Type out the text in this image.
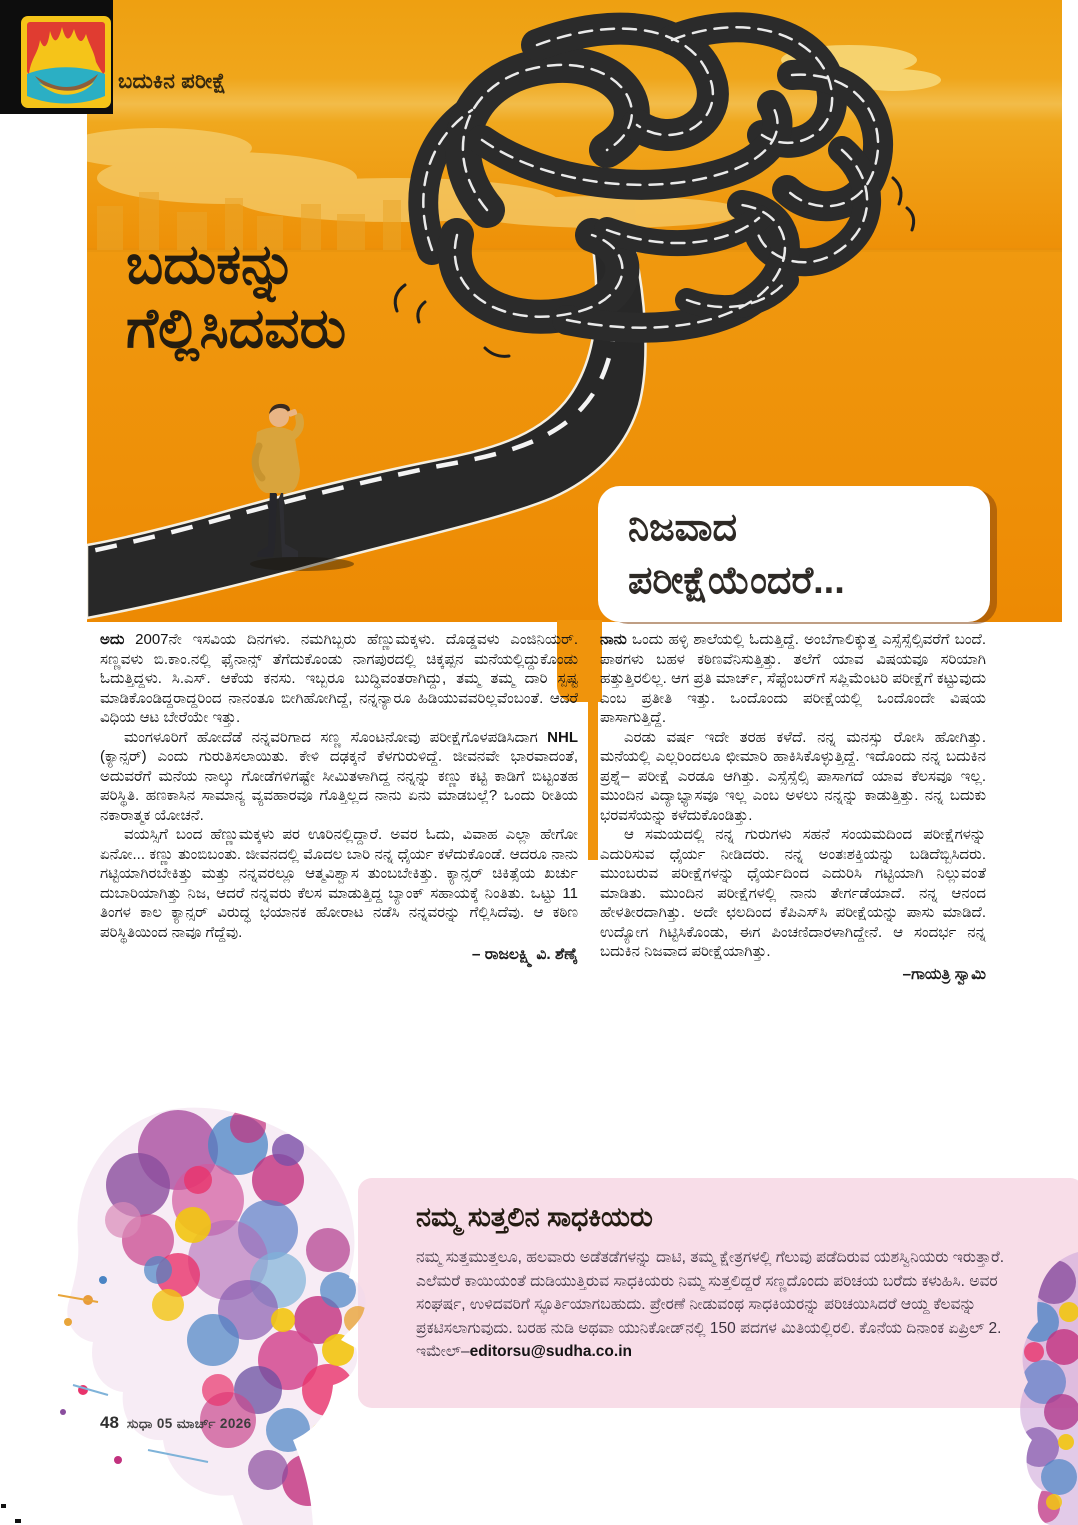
ಬದುಕಿನ ಪರೀಕ್ಷೆ
ಬದುಕನ್ನು
ಗೆಲ್ಲಿಸಿದವರು
ನಿಜವಾದ
ಪರೀಕ್ಷೆಯೆಂದರೆ...

ಅದು 2007ನೇ ಇಸವಿಯ ದಿನಗಳು. ನಮಗಿಬ್ಬರು ಹೆಣ್ಣುಮಕ್ಕಳು. ದೊಡ್ಡವಳು ಎಂಜಿನಿಯರ್. ಸಣ್ಣವಳು ಬಿ.ಕಾಂ.ನಲ್ಲಿ ಫೈನಾನ್ಸ್ ತೆಗೆದುಕೊಂಡು ನಾಗಪುರದಲ್ಲಿ ಚಿಕ್ಕಪ್ಪನ ಮನೆಯಲ್ಲಿದ್ದುಕೊಂಡು ಓದುತ್ತಿದ್ದಳು. ಸಿ.ಎಸ್. ಆಕೆಯ ಕನಸು. ಇಬ್ಬರೂ ಬುದ್ಧಿವಂತರಾಗಿದ್ದು, ತಮ್ಮ ತಮ್ಮ ದಾರಿ ಸ್ಪಷ್ಟ ಮಾಡಿಕೊಂಡಿದ್ದರಾದ್ದರಿಂದ ನಾನಂತೂ ಬೀಗಿಹೋಗಿದ್ದೆ, ನನ್ನನ್ಯಾರೂ ಹಿಡಿಯುವವರಿಲ್ಲವೆಂಬಂತೆ. ಆದರೆ ವಿಧಿಯ ಆಟ ಬೇರೆಯೇ ಇತ್ತು.

ಮಂಗಳೂರಿಗೆ ಹೋದೆಡೆ ನನ್ನವರಿಗಾದ ಸಣ್ಣ ಸೊಂಟನೋವು ಪರೀಕ್ಷೆಗೊಳಪಡಿಸಿದಾಗ NHL (ಕ್ಯಾನ್ಸರ್) ಎಂದು ಗುರುತಿಸಲಾಯಿತು. ಕೇಳಿ ದಢಕ್ಕನೆ ಕೆಳಗುರುಳಿದ್ದೆ. ಜೀವನವೇ ಭಾರವಾದಂತೆ, ಅದುವರೆಗೆ ಮನೆಯ ನಾಲ್ಕು ಗೋಡೆಗಳಿಗಷ್ಟೇ ಸೀಮಿತಳಾಗಿದ್ದ ನನ್ನನ್ನು ಕಣ್ಣು ಕಟ್ಟಿ ಕಾಡಿಗೆ ಬಿಟ್ಟಂತಹ ಪರಿಸ್ಥಿತಿ. ಹಣಕಾಸಿನ ಸಾಮಾನ್ಯ ವ್ಯವಹಾರವೂ ಗೊತ್ತಿಲ್ಲದ ನಾನು ಏನು ಮಾಡಬಲ್ಲೆ? ಒಂದು ರೀತಿಯ ನಕಾರಾತ್ಮಕ ಯೋಚನೆ.

ವಯಸ್ಸಿಗೆ ಬಂದ ಹೆಣ್ಣುಮಕ್ಕಳು ಪರ ಊರಿನಲ್ಲಿದ್ದಾರೆ. ಅವರ ಓದು, ವಿವಾಹ ಎಲ್ಲಾ ಹೇಗೋ ಏನೋ... ಕಣ್ಣು ತುಂಬಿಬಂತು. ಜೀವನದಲ್ಲಿ ಮೊದಲ ಬಾರಿ ನನ್ನ ಧೈರ್ಯ ಕಳೆದುಕೊಂಡೆ. ಆದರೂ ನಾನು ಗಟ್ಟಿಯಾಗಿರಬೇಕಿತ್ತು ಮತ್ತು ನನ್ನವರಲ್ಲೂ ಆತ್ಮವಿಶ್ವಾಸ ತುಂಬಬೇಕಿತ್ತು. ಕ್ಯಾನ್ಸರ್ ಚಿಕಿತ್ಸೆಯ ಖರ್ಚು ದುಬಾರಿಯಾಗಿತ್ತು ನಿಜ, ಆದರೆ ನನ್ನವರು ಕೆಲಸ ಮಾಡುತ್ತಿದ್ದ ಬ್ಯಾಂಕ್ ಸಹಾಯಕ್ಕೆ ನಿಂತಿತು. ಒಟ್ಟು 11 ತಿಂಗಳ ಕಾಲ ಕ್ಯಾನ್ಸರ್ ವಿರುದ್ಧ ಭಯಾನಕ ಹೋರಾಟ ನಡೆಸಿ ನನ್ನವರನ್ನು ಗೆಲ್ಲಿಸಿದೆವು. ಆ ಕಠಿಣ ಪರಿಸ್ಥಿತಿಯಿಂದ ನಾವೂ ಗೆದ್ದೆವು.

– ರಾಜಲಕ್ಷ್ಮಿ ವಿ. ಶೆಣೈ

ನಾನು ಒಂದು ಹಳ್ಳಿ ಶಾಲೆಯಲ್ಲಿ ಓದುತ್ತಿದ್ದೆ. ಅಂಬೆಗಾಲಿಕ್ಕುತ್ತ ಎಸ್ಸೆಸ್ಸೆಲ್ಸಿವರೆಗೆ ಬಂದೆ. ಪಾಠಗಳು ಬಹಳ ಕಠಿಣವೆನಿಸುತ್ತಿತ್ತು. ತಲೆಗೆ ಯಾವ ವಿಷಯವೂ ಸರಿಯಾಗಿ ಹತ್ತುತ್ತಿರಲಿಲ್ಲ. ಆಗ ಪ್ರತಿ ಮಾರ್ಚ್, ಸೆಪ್ಟೆಂಬರ್‌ಗೆ ಸಪ್ಲಿಮೆಂಟರಿ ಪರೀಕ್ಷೆಗೆ ಕಟ್ಟುವುದು ಎಂಬ ಪ್ರತೀತಿ ಇತ್ತು. ಒಂದೊಂದು ಪರೀಕ್ಷೆಯಲ್ಲಿ ಒಂದೊಂದೇ ವಿಷಯ ಪಾಸಾಗುತ್ತಿದ್ದೆ.

ಎರಡು ವರ್ಷ ಇದೇ ತರಹ ಕಳೆದೆ. ನನ್ನ ಮನಸ್ಸು ರೋಸಿ ಹೋಗಿತ್ತು. ಮನೆಯಲ್ಲಿ ಎಲ್ಲರಿಂದಲೂ ಛೀಮಾರಿ ಹಾಕಿಸಿಕೊಳ್ಳುತ್ತಿದ್ದೆ. ಇದೊಂದು ನನ್ನ ಬದುಕಿನ ಪ್ರಶ್ನೆ– ಪರೀಕ್ಷೆ ಎರಡೂ ಆಗಿತ್ತು. ಎಸ್ಸೆಸ್ಸೆಲ್ಸಿ ಪಾಸಾಗದೆ ಯಾವ ಕೆಲಸವೂ ಇಲ್ಲ. ಮುಂದಿನ ವಿದ್ಯಾಭ್ಯಾಸವೂ ಇಲ್ಲ ಎಂಬ ಅಳಲು ನನ್ನನ್ನು ಕಾಡುತ್ತಿತ್ತು. ನನ್ನ ಬದುಕು ಭರವಸೆಯನ್ನು ಕಳೆದುಕೊಂಡಿತ್ತು.

ಆ ಸಮಯದಲ್ಲಿ ನನ್ನ ಗುರುಗಳು ಸಹನೆ ಸಂಯಮದಿಂದ ಪರೀಕ್ಷೆಗಳನ್ನು ಎದುರಿಸುವ ಧೈರ್ಯ ನೀಡಿದರು. ನನ್ನ ಅಂತಃಶಕ್ತಿಯನ್ನು ಬಡಿದೆಬ್ಬಿಸಿದರು. ಮುಂಬರುವ ಪರೀಕ್ಷೆಗಳನ್ನು ಧೈರ್ಯದಿಂದ ಎದುರಿಸಿ ಗಟ್ಟಿಯಾಗಿ ನಿಲ್ಲುವಂತೆ ಮಾಡಿತು. ಮುಂದಿನ ಪರೀಕ್ಷೆಗಳಲ್ಲಿ ನಾನು ತೇರ್ಗಡೆಯಾದೆ. ನನ್ನ ಆನಂದ ಹೇಳತೀರದಾಗಿತ್ತು. ಅದೇ ಛಲದಿಂದ ಕೆಪಿಎಸ್‌ಸಿ ಪರೀಕ್ಷೆಯನ್ನು ಪಾಸು ಮಾಡಿದೆ. ಉದ್ಯೋಗ ಗಿಟ್ಟಿಸಿಕೊಂಡು, ಈಗ ಪಿಂಚಣಿದಾರಳಾಗಿದ್ದೇನೆ. ಆ ಸಂದರ್ಭ ನನ್ನ ಬದುಕಿನ ನಿಜವಾದ ಪರೀಕ್ಷೆಯಾಗಿತ್ತು.

–ಗಾಯತ್ರಿ ಸ್ವಾಮಿ
ನಮ್ಮ ಸುತ್ತಲಿನ ಸಾಧಕಿಯರು

ನಮ್ಮ ಸುತ್ತಮುತ್ತಲೂ, ಹಲವಾರು ಅಡೆತಡೆಗಳನ್ನು ದಾಟಿ, ತಮ್ಮ ಕ್ಷೇತ್ರಗಳಲ್ಲಿ ಗೆಲುವು ಪಡೆದಿರುವ ಯಶಸ್ವಿನಿಯರು ಇರುತ್ತಾರೆ. ಎಲೆಮರೆ ಕಾಯಿಯಂತೆ ದುಡಿಯುತ್ತಿರುವ ಸಾಧಕಿಯರು ನಿಮ್ಮ ಸುತ್ತಲಿದ್ದರೆ ಸಣ್ಣದೊಂದು ಪರಿಚಯ ಬರೆದು ಕಳುಹಿಸಿ. ಅವರ ಸಂಘರ್ಷ, ಉಳಿದವರಿಗೆ ಸ್ಫೂರ್ತಿಯಾಗಬಹುದು. ಪ್ರೇರಣೆ ನೀಡುವಂಥ ಸಾಧಕಿಯರನ್ನು ಪರಿಚಯಿಸಿದರೆ ಆಯ್ದ ಕೆಲವನ್ನು ಪ್ರಕಟಿಸಲಾಗುವುದು. ಬರಹ ನುಡಿ ಅಥವಾ ಯುನಿಕೋಡ್‌ನಲ್ಲಿ 150 ಪದಗಳ ಮಿತಿಯಲ್ಲಿರಲಿ. ಕೊನೆಯ ದಿನಾಂಕ ಏಪ್ರಿಲ್ 2. ಇಮೇಲ್–editorsu@sudha.co.in

48 ಸುಧಾ 05 ಮಾರ್ಚ್ 2026
